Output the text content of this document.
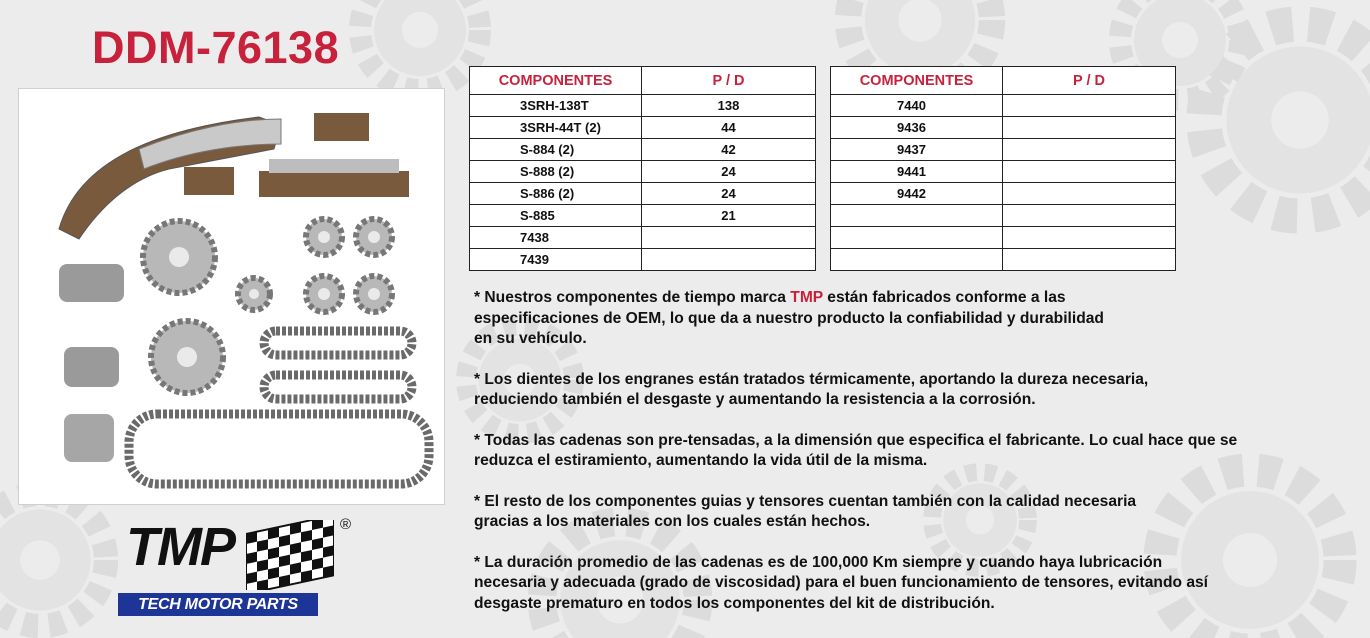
DDM-76138
COMPONENTES	P / D
3SRH-138T	138
3SRH-44T (2)	44
S-884 (2)	42
S-888 (2)	24
S-886 (2)	24
S-885	21
7438	
7439	
COMPONENTES	P / D
7440	
9436	
9437	
9441	
9442	

* Nuestros componentes de tiempo marca TMP están fabricados conforme a las
especificaciones de OEM, lo que da a nuestro producto la confiabilidad y durabilidad
en su vehículo.

* Los dientes de los engranes están tratados térmicamente, aportando la dureza necesaria,
reduciendo también el desgaste y aumentando la resistencia a la corrosión.

* Todas las cadenas son pre-tensadas, a la dimensión que especifica el fabricante. Lo cual hace que se
reduzca el estiramiento, aumentando la vida útil de la misma.

* El resto de los componentes guias y tensores cuentan también con la calidad necesaria
gracias a los materiales con los cuales están hechos.

* La duración promedio de las cadenas es de 100,000 Km siempre y cuando haya lubricación
necesaria y adecuada (grado de viscosidad) para el buen funcionamiento de tensores, evitando así
desgaste prematuro en todos los componentes del kit de distribución.

TMP	®
TECH MOTOR PARTS
